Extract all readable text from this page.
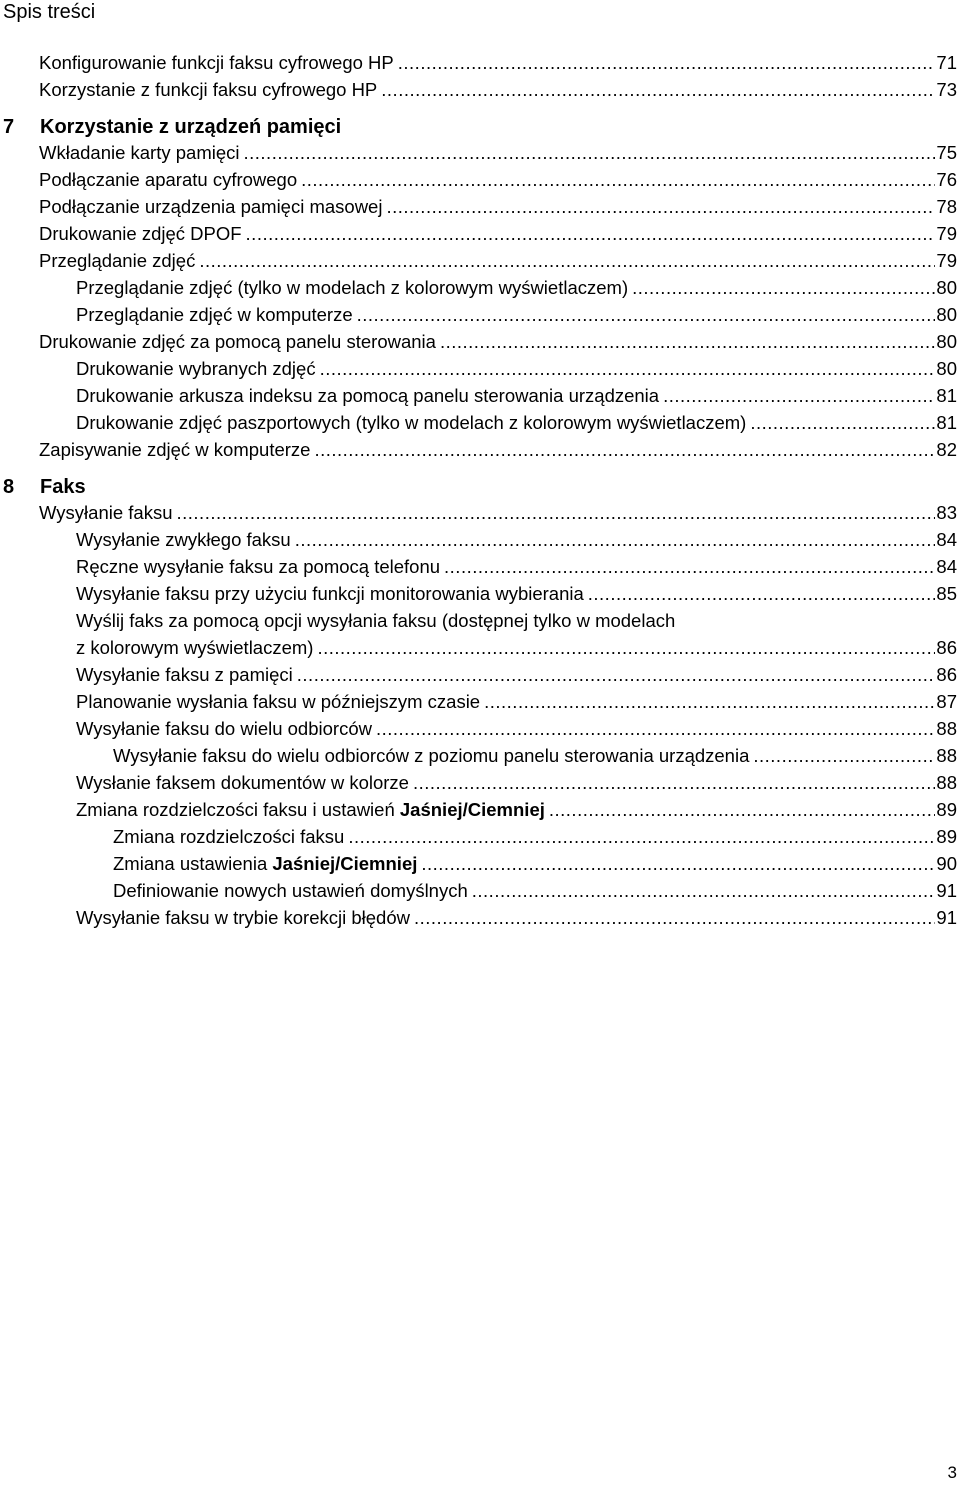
Spis treści
Konfigurowanie funkcji faksu cyfrowego HP .....	71
Korzystanie z funkcji faksu cyfrowego HP .....	73
7 Korzystanie z urządzeń pamięci
Wkładanie karty pamięci .....	75
Podłączanie aparatu cyfrowego .....	76
Podłączanie urządzenia pamięci masowej .....	78
Drukowanie zdjęć DPOF .....	79
Przeglądanie zdjęć .....	79
Przeglądanie zdjęć (tylko w modelach z kolorowym wyświetlaczem) .....	80
Przeglądanie zdjęć w komputerze .....	80
Drukowanie zdjęć za pomocą panelu sterowania .....	80
Drukowanie wybranych zdjęć .....	80
Drukowanie arkusza indeksu za pomocą panelu sterowania urządzenia .....	81
Drukowanie zdjęć paszportowych (tylko w modelach z kolorowym wyświetlaczem) .....	81
Zapisywanie zdjęć w komputerze .....	82
8 Faks
Wysyłanie faksu .....	83
Wysyłanie zwykłego faksu .....	84
Ręczne wysyłanie faksu za pomocą telefonu .....	84
Wysyłanie faksu przy użyciu funkcji monitorowania wybierania .....	85
Wyślij faks za pomocą opcji wysyłania faksu (dostępnej tylko w modelach
z kolorowym wyświetlaczem) .....	86
Wysyłanie faksu z pamięci .....	86
Planowanie wysłania faksu w późniejszym czasie .....	87
Wysyłanie faksu do wielu odbiorców .....	88
Wysyłanie faksu do wielu odbiorców z poziomu panelu sterowania urządzenia .....	88
Wysłanie faksem dokumentów w kolorze .....	88
Zmiana rozdzielczości faksu i ustawień Jaśniej/Ciemniej .....	89
Zmiana rozdzielczości faksu .....	89
Zmiana ustawienia Jaśniej/Ciemniej .....	90
Definiowanie nowych ustawień domyślnych .....	91
Wysyłanie faksu w trybie korekcji błędów .....	91
3
